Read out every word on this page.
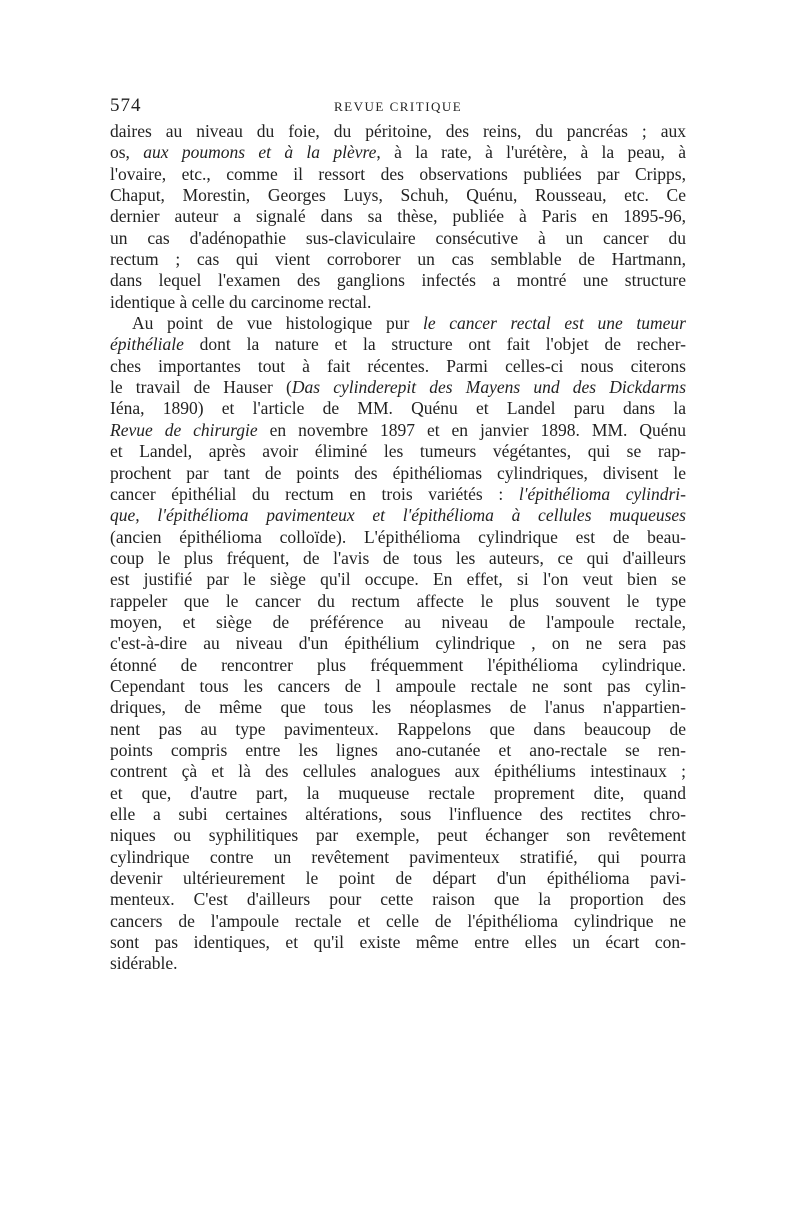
574	REVUE CRITIQUE
daires au niveau du foie, du péritoine, des reins, du pancréas ; aux
os, aux poumons et à la plèvre, à la rate, à l'urétère, à la peau, à
l'ovaire, etc., comme il ressort des observations publiées par Cripps,
Chaput, Morestin, Georges Luys, Schuh, Quénu, Rousseau, etc. Ce
dernier auteur a signalé dans sa thèse, publiée à Paris en 1895-96,
un cas d'adénopathie sus-claviculaire consécutive à un cancer du
rectum ; cas qui vient corroborer un cas semblable de Hartmann,
dans lequel l'examen des ganglions infectés a montré une structure
identique à celle du carcinome rectal.
Au point de vue histologique pur le cancer rectal est une tumeur
épithéliale dont la nature et la structure ont fait l'objet de recher-
ches importantes tout à fait récentes. Parmi celles-ci nous citerons
le travail de Hauser (Das cylinderepit des Mayens und des Dickdarms
Iéna, 1890) et l'article de MM. Quénu et Landel paru dans la
Revue de chirurgie en novembre 1897 et en janvier 1898. MM. Quénu
et Landel, après avoir éliminé les tumeurs végétantes, qui se rap-
prochent par tant de points des épithéliomas cylindriques, divisent le
cancer épithélial du rectum en trois variétés : l'épithélioma cylindri-
que, l'épithélioma pavimenteux et l'épithélioma à cellules muqueuses
(ancien épithélioma colloïde). L'épithélioma cylindrique est de beau-
coup le plus fréquent, de l'avis de tous les auteurs, ce qui d'ailleurs
est justifié par le siège qu'il occupe. En effet, si l'on veut bien se
rappeler que le cancer du rectum affecte le plus souvent le type
moyen, et siège de préférence au niveau de l'ampoule rectale,
c'est-à-dire au niveau d'un épithélium cylindrique , on ne sera pas
étonné de rencontrer plus fréquemment l'épithélioma cylindrique.
Cependant tous les cancers de l ampoule rectale ne sont pas cylin-
driques, de même que tous les néoplasmes de l'anus n'appartien-
nent pas au type pavimenteux. Rappelons que dans beaucoup de
points compris entre les lignes ano-cutanée et ano-rectale se ren-
contrent çà et là des cellules analogues aux épithéliums intestinaux ;
et que, d'autre part, la muqueuse rectale proprement dite, quand
elle a subi certaines altérations, sous l'influence des rectites chro-
niques ou syphilitiques par exemple, peut échanger son revêtement
cylindrique contre un revêtement pavimenteux stratifié, qui pourra
devenir ultérieurement le point de départ d'un épithélioma pavi-
menteux. C'est d'ailleurs pour cette raison que la proportion des
cancers de l'ampoule rectale et celle de l'épithélioma cylindrique ne
sont pas identiques, et qu'il existe même entre elles un écart con-
sidérable.
